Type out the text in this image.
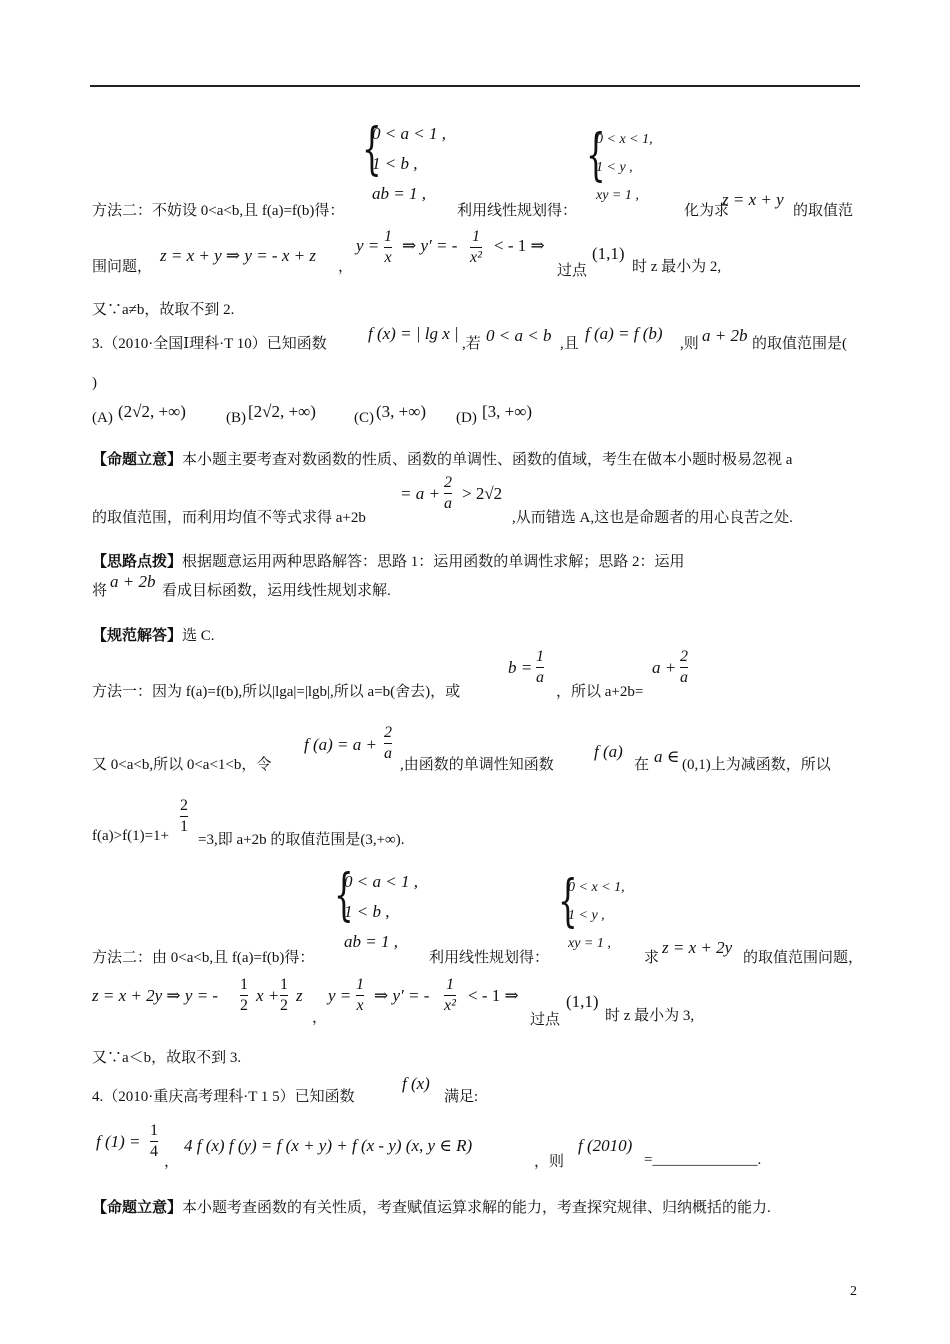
{
0 < a < 1 ,
1 < b ,
ab = 1 ,
{
0 < x < 1,
1 < y ,
xy = 1 ,
方法二：不妨设 0<a<b,且 f(a)=f(b)得：	利用线性规划得：	化为求
z = x + y
的取值范
围问题，
z = x + y ⇒ y = - x + z
，
y = 1
x
⇒ y′ = - 1
x²
< - 1 ⇒
过点
(1,1)
时 z 最小为 2,
又∵a≠b，故取不到 2.
3.（2010·全国Ⅰ理科·T 10）已知函数
f (x) = | lg x |
,若 0 < a < b ,且
f (a) = f (b)
,则 a + 2b 的取值范围是(
)
(A) (2√2, +∞)	(B) [2√2, +∞)	(C) (3, +∞) (D) [3, +∞)
【命题立意】 本小题主要考查对数函数的性质、函数的单调性、函数的值域，考生在做本小题时极易忽视 a
的取值范围，而利用均值不等式求得 a+2b
= a +
2
a
> 2√2
,从而错选 A,这也是命题者的用心良苦之处.
【思路点拨】 根据题意运用两种思路解答：思路 1：运用函数的单调性求解；思路 2：运用
将 a + 2b 看成目标函数，运用线性规划求解.
【规范解答】 选 C.
方法一：因为 f(a)=f(b),所以|lga|=|lgb|,所以 a=b(舍去)，或
b =
1
a
，所以 a+2b=
a +
2
a
又 0<a<b,所以 0<a<1<b，令
f (a) = a +
2
a
,由函数的单调性知函数
f (a)
在 a ∈ (0,1)上为减函数，所以
f(a)>f(1)=1+
2
1
=3,即 a+2b 的取值范围是(3,+∞).
{
0 < a < 1 ,
1 < b ,
ab = 1 ,
{
0 < x < 1,
1 < y ,
xy = 1 ,
方法二：由 0<a<b,且 f(a)=f(b)得：	利用线性规划得：	求
z = x + 2y
的取值范围问题，
z = x + 2y ⇒ y = -
1
2
x +
1
2
z
，
y =
1
x
⇒ y′ = -
1
x²
< - 1 ⇒
过点
(1,1)
时 z 最小为 3,
又∵a＜b，故取不到 3.
4.（2010·重庆高考理科·T 1 5）已知函数
f (x)
满足:
f (1) =
1
4
，
4 f (x) f (y) = f (x + y) + f (x - y) (x, y ∈ R)
，则
f (2010)
=______________.
【命题立意】 本小题考查函数的有关性质，考查赋值运算求解的能力，考查探究规律、归纳概括的能力.
2
